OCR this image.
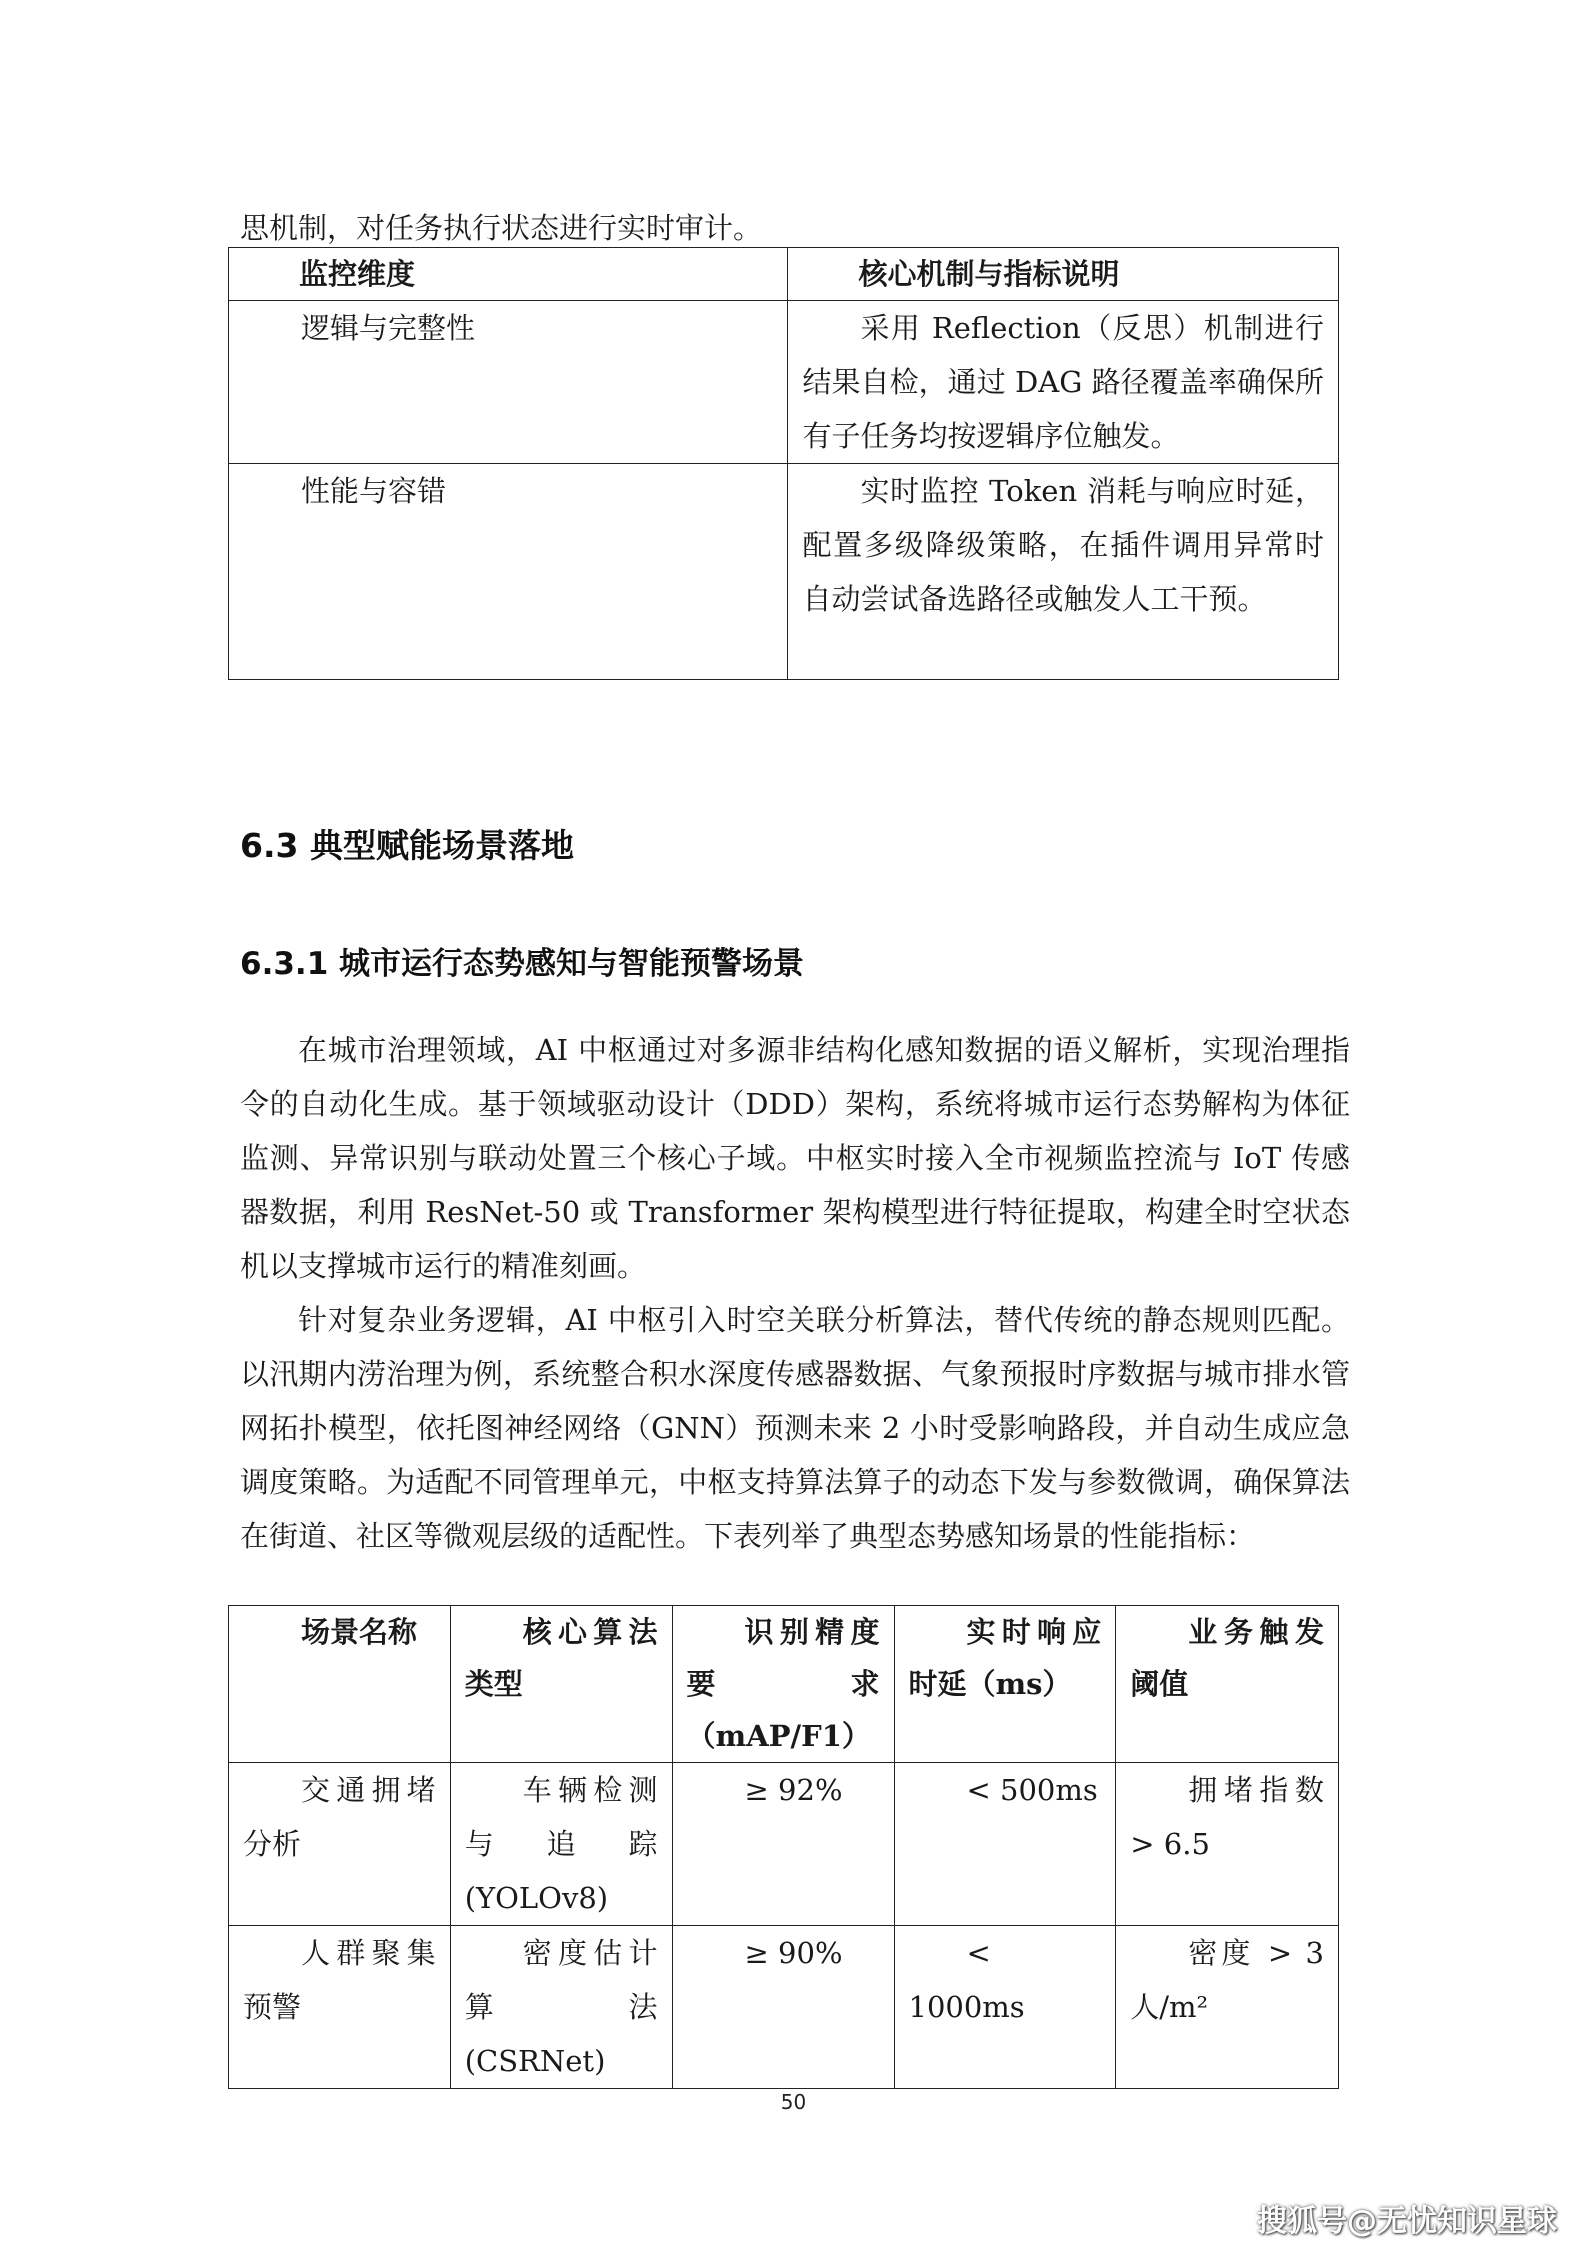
思机制，对任务执行状态进行实时审计。
监控维度	核心机制与指标说明
逻辑与完整性	采用 Reflection（反思）机制进行结果自检，通过 DAG 路径覆盖率确保所有子任务均按逻辑序位触发。
性能与容错	实时监控 Token 消耗与响应时延，配置多级降级策略，在插件调用异常时自动尝试备选路径或触发人工干预。
6.3 典型赋能场景落地
6.3.1 城市运行态势感知与智能预警场景
在城市治理领域，AI 中枢通过对多源非结构化感知数据的语义解析，实现治理指令的自动化生成。基于领域驱动设计（DDD）架构，系统将城市运行态势解构为体征监测、异常识别与联动处置三个核心子域。中枢实时接入全市视频监控流与 IoT 传感器数据，利用 ResNet-50 或 Transformer 架构模型进行特征提取，构建全时空状态机以支撑城市运行的精准刻画。
针对复杂业务逻辑，AI 中枢引入时空关联分析算法，替代传统的静态规则匹配。以汛期内涝治理为例，系统整合积水深度传感器数据、气象预报时序数据与城市排水管网拓扑模型，依托图神经网络（GNN）预测未来 2 小时受影响路段，并自动生成应急调度策略。为适配不同管理单元，中枢支持算法算子的动态下发与参数微调，确保算法在街道、社区等微观层级的适配性。下表列举了典型态势感知场景的性能指标：
场景名称	核心算法类型	识别精度要求（mAP/F1）	实时响应时延（ms）	业务触发阈值
交通拥堵分析	车辆检测与追踪(YOLOv8)	≥ 92%	< 500ms	拥堵指数 > 6.5
人群聚集预警	密度估计算法(CSRNet)	≥ 90%	< 1000ms	密度 > 3 人/m²
50
搜狐号@无忧知识星球
